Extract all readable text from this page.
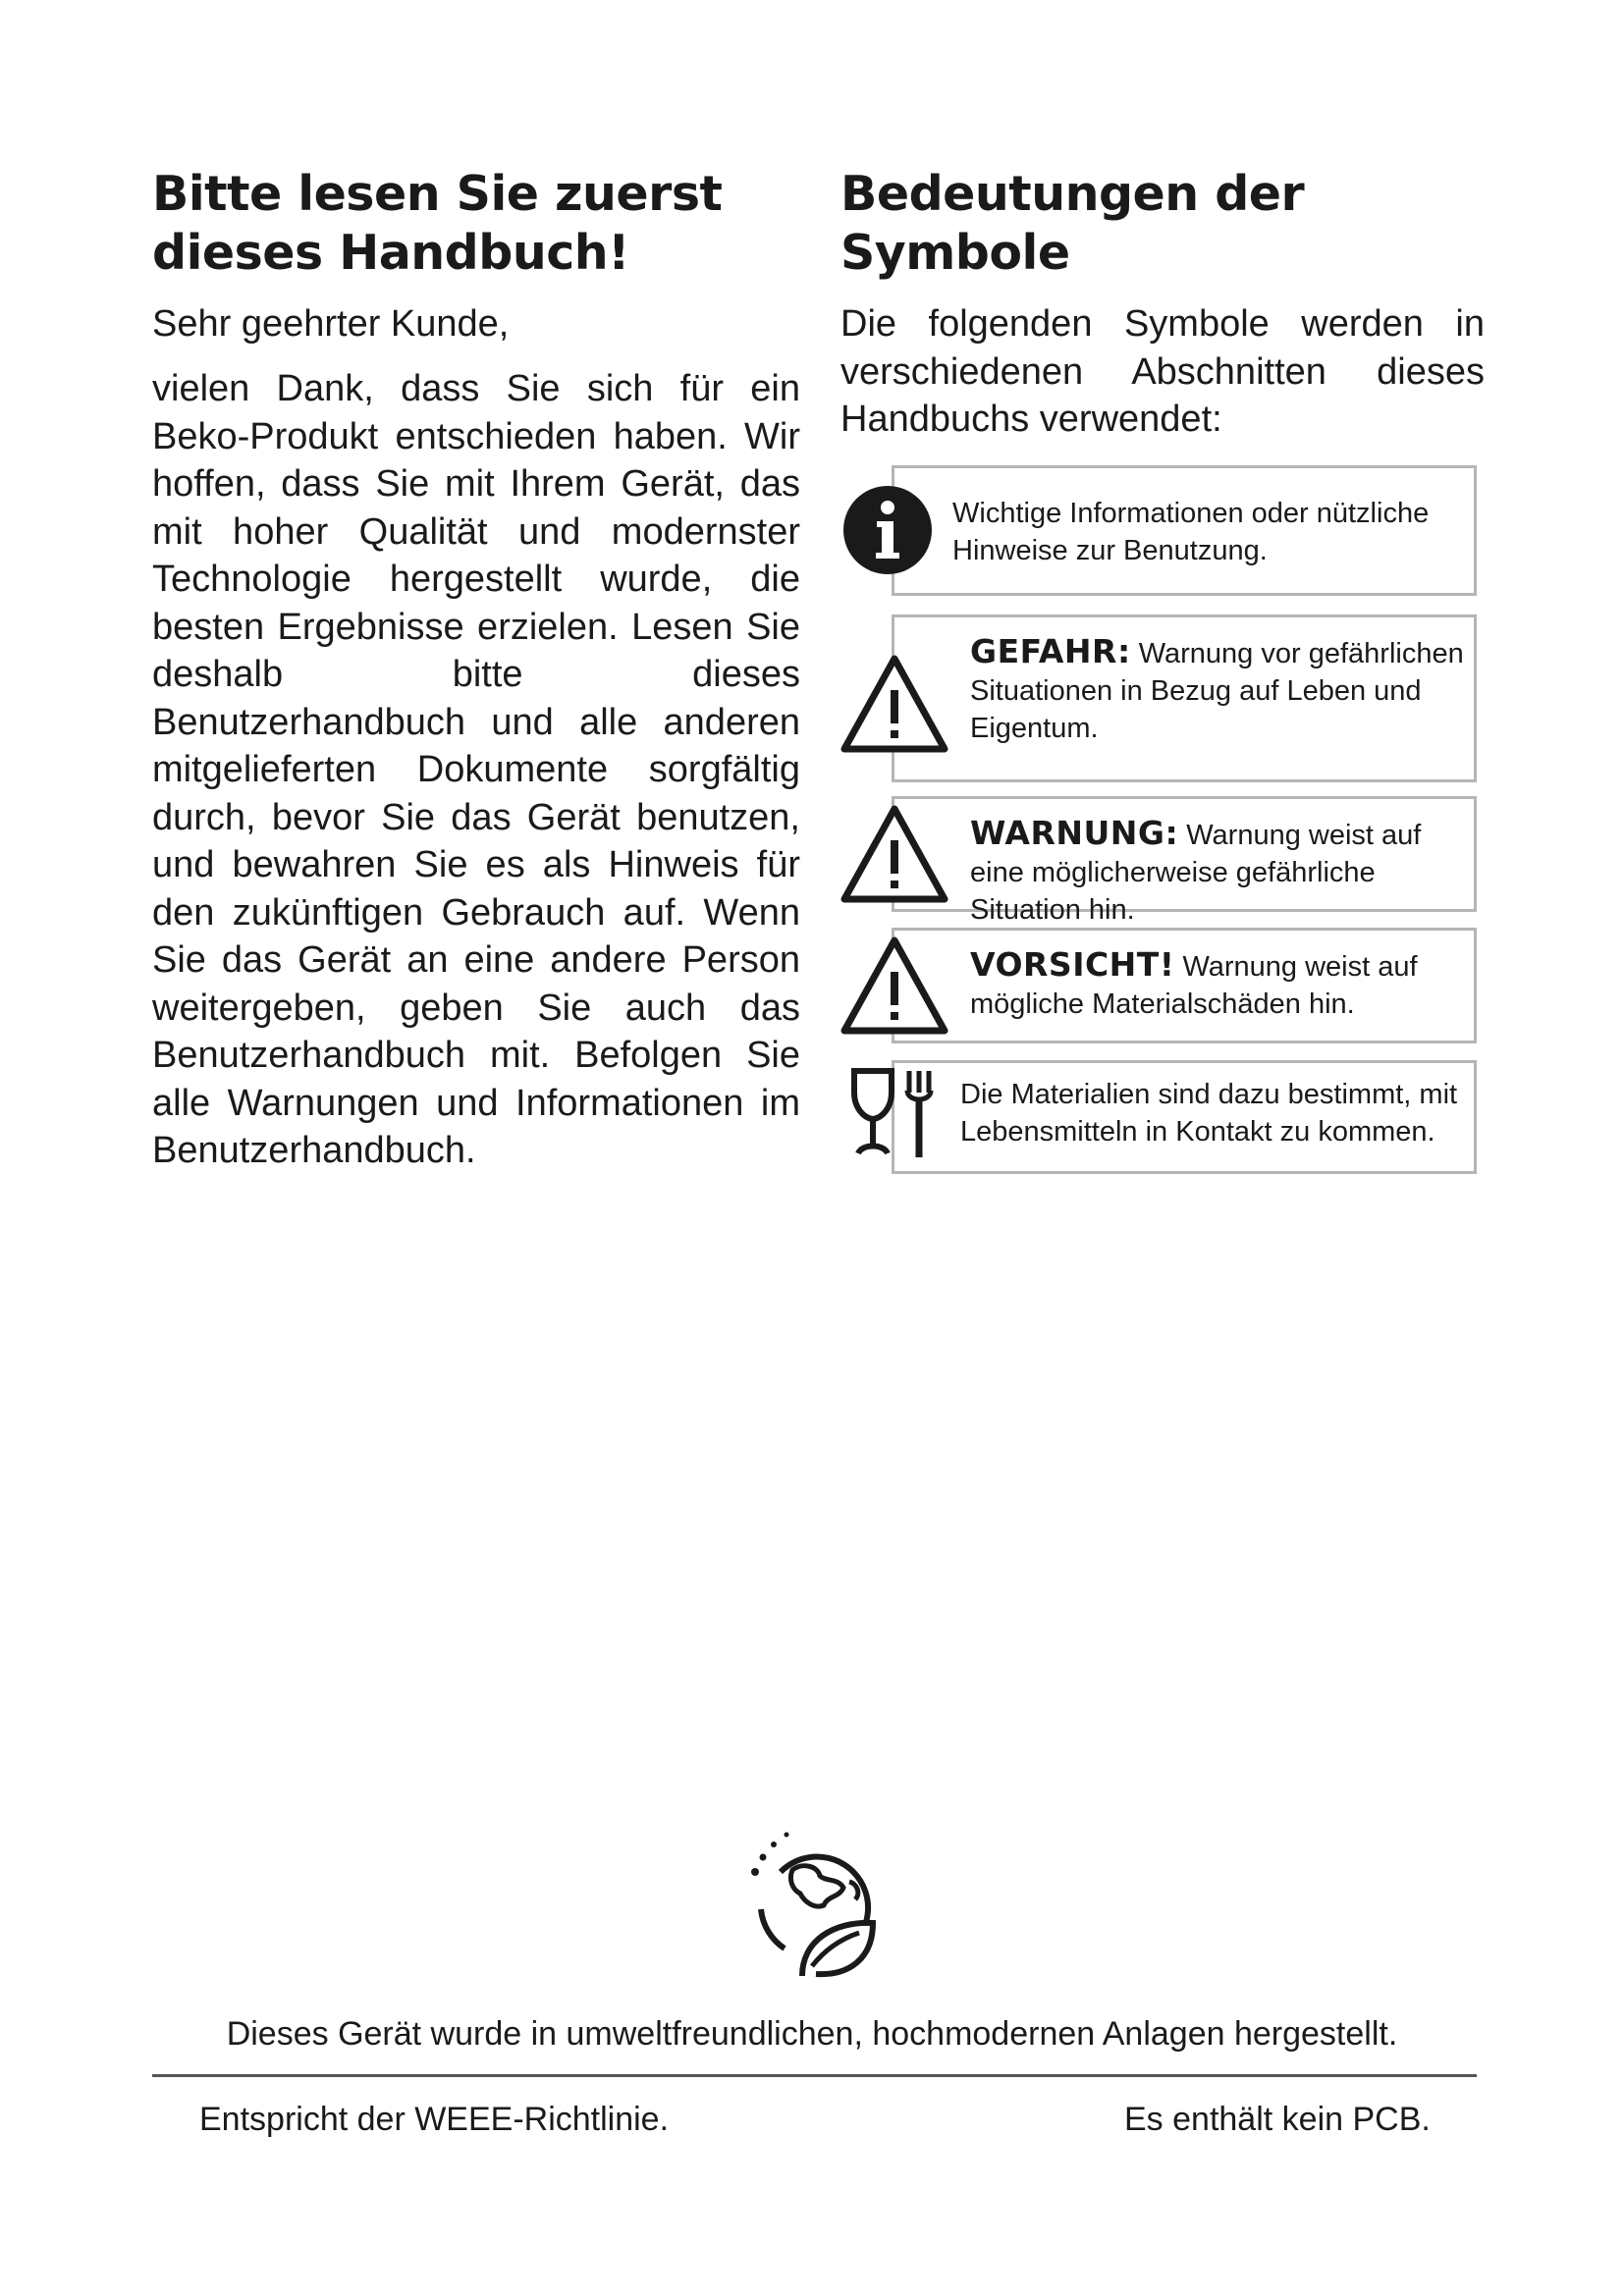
Bitte lesen Sie zuerst dieses Handbuch!

Sehr geehrter Kunde,

vielen Dank, dass Sie sich für ein Beko-Produkt entschieden haben. Wir hoffen, dass Sie mit Ihrem Gerät, das mit hoher Qualität und modernster Technologie hergestellt wurde, die besten Ergebnisse erzielen. Lesen Sie deshalb bitte dieses Benutzerhandbuch und alle anderen mitgelieferten Dokumente sorgfältig durch, bevor Sie das Gerät benutzen, und bewahren Sie es als Hinweis für den zukünftigen Gebrauch auf. Wenn Sie das Gerät an eine andere Person weitergeben, geben Sie auch das Benutzerhandbuch mit. Befolgen Sie alle Warnungen und Informationen im Benutzerhandbuch.

Bedeutungen der Symbole

Die folgenden Symbole werden in verschiedenen Abschnitten dieses Handbuchs verwendet:

Wichtige Informationen oder nützliche Hinweise zur Benutzung.
GEFAHR: Warnung vor gefährlichen Situationen in Bezug auf Leben und Eigentum.
WARNUNG: Warnung weist auf eine möglicherweise gefährliche Situation hin.
VORSICHT! Warnung weist auf mögliche Materialschäden hin.
Die Materialien sind dazu bestimmt, mit Lebensmitteln in Kontakt zu kommen.
Dieses Gerät wurde in umweltfreundlichen, hochmodernen Anlagen hergestellt.
Entspricht der WEEE-Richtlinie.	Es enthält kein PCB.
